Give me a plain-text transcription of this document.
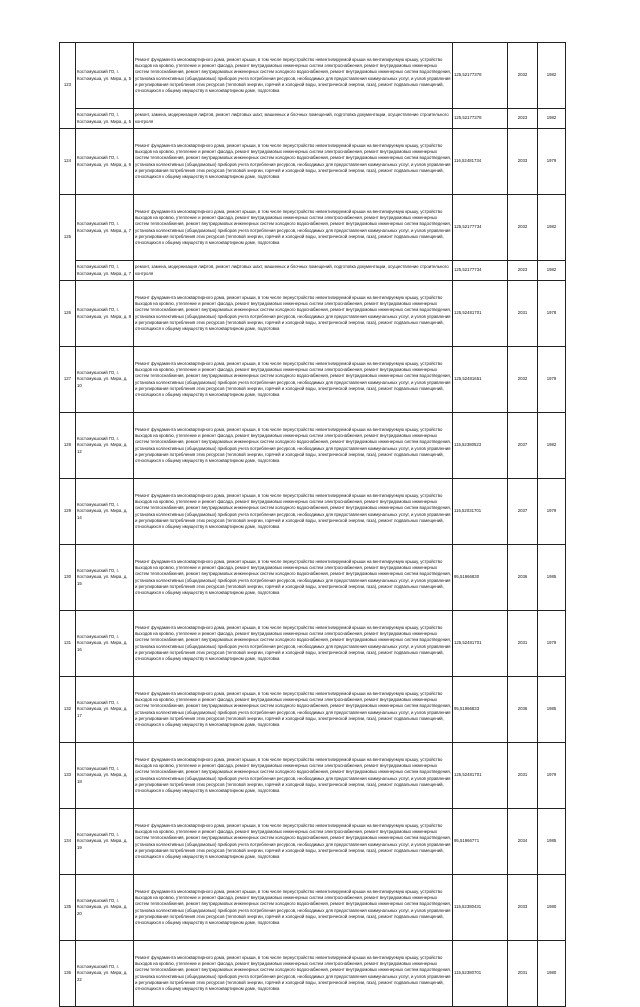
123	Костомукшский ГО, г. Костомукша, ул. Мира, д. 5	Ремонт фундамента многоквартирного дома, ремонт крыши, в том числе переустройство невентилируемой крыши на вентилируемую крышу, устройство выходов на кровлю, утепление и ремонт фасада, ремонт внутридомовых инженерных систем электроснабжения, ремонт внутридомовых инженерных систем теплоснабжения, ремонт внутридомовых инженерных систем холодного водоснабжения, ремонт внутридомовых инженерных систем водоотведения, установка коллективных (общедомовых) приборов учета потребления ресурсов, необходимых для предоставления коммунальных услуг, и узлов управления и регулирования потребления этих ресурсов (тепловой энергии, горячей и холодной воды, электрической энергии, газа), ремонт подвальных помещений, относящихся к общему имуществу в многоквартирном доме, подготовка	125,52177378	2032	1982
	Костомукшский ГО, г. Костомукша, ул. Мира, д. 5	ремонт, замена, модернизация лифтов, ремонт лифтовых шахт, машинных и блочных помещений, подготовка документации, осуществление строительного контроля	125,52177378	2023	1982
124	Костомукшский ГО, г. Костомукша, ул. Мира, д. 6	Ремонт фундамента многоквартирного дома, ремонт крыши, в том числе переустройство невентилируемой крыши на вентилируемую крышу, устройство выходов на кровлю, утепление и ремонт фасада, ремонт внутридомовых инженерных систем электроснабжения, ремонт внутридомовых инженерных систем теплоснабжения, ремонт внутридомовых инженерных систем холодного водоснабжения, ремонт внутридомовых инженерных систем водоотведения, установка коллективных (общедомовых) приборов учета потребления ресурсов, необходимых для предоставления коммунальных услуг, и узлов управления и регулирования потребления этих ресурсов (тепловой энергии, горячей и холодной воды, электрической энергии, газа), ремонт подвальных помещений, относящихся к общему имуществу в многоквартирном доме, подготовка	116,52481734	2033	1979
125	Костомукшский ГО, г. Костомукша, ул. Мира, д. 7	Ремонт фундамента многоквартирного дома, ремонт крыши, в том числе переустройство невентилируемой крыши на вентилируемую крышу, устройство выходов на кровлю, утепление и ремонт фасада, ремонт внутридомовых инженерных систем электроснабжения, ремонт внутридомовых инженерных систем теплоснабжения, ремонт внутридомовых инженерных систем холодного водоснабжения, ремонт внутридомовых инженерных систем водоотведения, установка коллективных (общедомовых) приборов учета потребления ресурсов, необходимых для предоставления коммунальных услуг, и узлов управления и регулирования потребления этих ресурсов (тепловой энергии, горячей и холодной воды, электрической энергии, газа), ремонт подвальных помещений, относящихся к общему имуществу в многоквартирном доме, подготовка	125,52177734	2032	1982
	Костомукшский ГО, г. Костомукша, ул. Мира, д. 7	ремонт, замена, модернизация лифтов, ремонт лифтовых шахт, машинных и блочных помещений, подготовка документации, осуществление строительного контроля	125,52177734	2023	1982
126	Костомукшский ГО, г. Костомукша, ул. Мира, д. 8	Ремонт фундамента многоквартирного дома, ремонт крыши, в том числе переустройство невентилируемой крыши на вентилируемую крышу, устройство выходов на кровлю, утепление и ремонт фасада, ремонт внутридомовых инженерных систем электроснабжения, ремонт внутридомовых инженерных систем теплоснабжения, ремонт внутридомовых инженерных систем холодного водоснабжения, ремонт внутридомовых инженерных систем водоотведения, установка коллективных (общедомовых) приборов учета потребления ресурсов, необходимых для предоставления коммунальных услуг, и узлов управления и регулирования потребления этих ресурсов (тепловой энергии, горячей и холодной воды, электрической энергии, газа), ремонт подвальных помещений, относящихся к общему имуществу в многоквартирном доме, подготовка	125,52481701	2031	1978
127	Костомукшский ГО, г. Костомукша, ул. Мира, д. 10	Ремонт фундамента многоквартирного дома, ремонт крыши, в том числе переустройство невентилируемой крыши на вентилируемую крышу, устройство выходов на кровлю, утепление и ремонт фасада, ремонт внутридомовых инженерных систем электроснабжения, ремонт внутридомовых инженерных систем теплоснабжения, ремонт внутридомовых инженерных систем холодного водоснабжения, ремонт внутридомовых инженерных систем водоотведения, установка коллективных (общедомовых) приборов учета потребления ресурсов, необходимых для предоставления коммунальных услуг, и узлов управления и регулирования потребления этих ресурсов (тепловой энергии, горячей и холодной воды, электрической энергии, газа), ремонт подвальных помещений, относящихся к общему имуществу в многоквартирном доме, подготовка	125,52481651	2032	1979
128	Костомукшский ГО, г. Костомукша, ул. Мира, д. 12	Ремонт фундамента многоквартирного дома, ремонт крыши, в том числе переустройство невентилируемой крыши на вентилируемую крышу, устройство выходов на кровлю, утепление и ремонт фасада, ремонт внутридомовых инженерных систем электроснабжения, ремонт внутридомовых инженерных систем теплоснабжения, ремонт внутридомовых инженерных систем холодного водоснабжения, ремонт внутридомовых инженерных систем водоотведения, установка коллективных (общедомовых) приборов учета потребления ресурсов, необходимых для предоставления коммунальных услуг, и узлов управления и регулирования потребления этих ресурсов (тепловой энергии, горячей и холодной воды, электрической энергии, газа), ремонт подвальных помещений, относящихся к общему имуществу в многоквартирном доме, подготовка	115,52380523	2037	1982
129	Костомукшский ГО, г. Костомукша, ул. Мира, д. 14	Ремонт фундамента многоквартирного дома, ремонт крыши, в том числе переустройство невентилируемой крыши на вентилируемую крышу, устройство выходов на кровлю, утепление и ремонт фасада, ремонт внутридомовых инженерных систем электроснабжения, ремонт внутридомовых инженерных систем теплоснабжения, ремонт внутридомовых инженерных систем холодного водоснабжения, ремонт внутридомовых инженерных систем водоотведения, установка коллективных (общедомовых) приборов учета потребления ресурсов, необходимых для предоставления коммунальных услуг, и узлов управления и регулирования потребления этих ресурсов (тепловой энергии, горячей и холодной воды, электрической энергии, газа), ремонт подвальных помещений, относящихся к общему имуществу в многоквартирном доме, подготовка	115,52031701	2037	1979
130	Костомукшский ГО, г. Костомукша, ул. Мира, д. 15	Ремонт фундамента многоквартирного дома, ремонт крыши, в том числе переустройство невентилируемой крыши на вентилируемую крышу, устройство выходов на кровлю, утепление и ремонт фасада, ремонт внутридомовых инженерных систем электроснабжения, ремонт внутридомовых инженерных систем теплоснабжения, ремонт внутридомовых инженерных систем холодного водоснабжения, ремонт внутридомовых инженерных систем водоотведения, установка коллективных (общедомовых) приборов учета потребления ресурсов, необходимых для предоставления коммунальных услуг, и узлов управления и регулирования потребления этих ресурсов (тепловой энергии, горячей и холодной воды, электрической энергии, газа), ремонт подвальных помещений, относящихся к общему имуществу в многоквартирном доме, подготовка	95,51966830	2036	1985
131	Костомукшский ГО, г. Костомукша, ул. Мира, д. 16	Ремонт фундамента многоквартирного дома, ремонт крыши, в том числе переустройство невентилируемой крыши на вентилируемую крышу, устройство выходов на кровлю, утепление и ремонт фасада, ремонт внутридомовых инженерных систем электроснабжения, ремонт внутридомовых инженерных систем теплоснабжения, ремонт внутридомовых инженерных систем холодного водоснабжения, ремонт внутридомовых инженерных систем водоотведения, установка коллективных (общедомовых) приборов учета потребления ресурсов, необходимых для предоставления коммунальных услуг, и узлов управления и регулирования потребления этих ресурсов (тепловой энергии, горячей и холодной воды, электрической энергии, газа), ремонт подвальных помещений, относящихся к общему имуществу в многоквартирном доме, подготовка	125,52481701	2031	1979
132	Костомукшский ГО, г. Костомукша, ул. Мира, д. 17	Ремонт фундамента многоквартирного дома, ремонт крыши, в том числе переустройство невентилируемой крыши на вентилируемую крышу, устройство выходов на кровлю, утепление и ремонт фасада, ремонт внутридомовых инженерных систем электроснабжения, ремонт внутридомовых инженерных систем теплоснабжения, ремонт внутридомовых инженерных систем холодного водоснабжения, ремонт внутридомовых инженерных систем водоотведения, установка коллективных (общедомовых) приборов учета потребления ресурсов, необходимых для предоставления коммунальных услуг, и узлов управления и регулирования потребления этих ресурсов (тепловой энергии, горячей и холодной воды, электрической энергии, газа), ремонт подвальных помещений, относящихся к общему имуществу в многоквартирном доме, подготовка	95,51966833	2036	1985
133	Костомукшский ГО, г. Костомукша, ул. Мира, д. 18	Ремонт фундамента многоквартирного дома, ремонт крыши, в том числе переустройство невентилируемой крыши на вентилируемую крышу, устройство выходов на кровлю, утепление и ремонт фасада, ремонт внутридомовых инженерных систем электроснабжения, ремонт внутридомовых инженерных систем теплоснабжения, ремонт внутридомовых инженерных систем холодного водоснабжения, ремонт внутридомовых инженерных систем водоотведения, установка коллективных (общедомовых) приборов учета потребления ресурсов, необходимых для предоставления коммунальных услуг, и узлов управления и регулирования потребления этих ресурсов (тепловой энергии, горячей и холодной воды, электрической энергии, газа), ремонт подвальных помещений, относящихся к общему имуществу в многоквартирном доме, подготовка	125,52481701	2031	1979
134	Костомукшский ГО, г. Костомукша, ул. Мира, д. 19	Ремонт фундамента многоквартирного дома, ремонт крыши, в том числе переустройство невентилируемой крыши на вентилируемую крышу, устройство выходов на кровлю, утепление и ремонт фасада, ремонт внутридомовых инженерных систем электроснабжения, ремонт внутридомовых инженерных систем теплоснабжения, ремонт внутридомовых инженерных систем холодного водоснабжения, ремонт внутридомовых инженерных систем водоотведения, установка коллективных (общедомовых) приборов учета потребления ресурсов, необходимых для предоставления коммунальных услуг, и узлов управления и регулирования потребления этих ресурсов (тепловой энергии, горячей и холодной воды, электрической энергии, газа), ремонт подвальных помещений, относящихся к общему имуществу в многоквартирном доме, подготовка	95,51966771	2034	1985
135	Костомукшский ГО, г. Костомукша, ул. Мира, д. 20	Ремонт фундамента многоквартирного дома, ремонт крыши, в том числе переустройство невентилируемой крыши на вентилируемую крышу, устройство выходов на кровлю, утепление и ремонт фасада, ремонт внутридомовых инженерных систем электроснабжения, ремонт внутридомовых инженерных систем теплоснабжения, ремонт внутридомовых инженерных систем холодного водоснабжения, ремонт внутридомовых инженерных систем водоотведения, установка коллективных (общедомовых) приборов учета потребления ресурсов, необходимых для предоставления коммунальных услуг, и узлов управления и регулирования потребления этих ресурсов (тепловой энергии, горячей и холодной воды, электрической энергии, газа), ремонт подвальных помещений, относящихся к общему имуществу в многоквартирном доме, подготовка	115,52380431	2033	1980
136	Костомукшский ГО, г. Костомукша, ул. Мира, д. 22	Ремонт фундамента многоквартирного дома, ремонт крыши, в том числе переустройство невентилируемой крыши на вентилируемую крышу, устройство выходов на кровлю, утепление и ремонт фасада, ремонт внутридомовых инженерных систем электроснабжения, ремонт внутридомовых инженерных систем теплоснабжения, ремонт внутридомовых инженерных систем холодного водоснабжения, ремонт внутридомовых инженерных систем водоотведения, установка коллективных (общедомовых) приборов учета потребления ресурсов, необходимых для предоставления коммунальных услуг, и узлов управления и регулирования потребления этих ресурсов (тепловой энергии, горячей и холодной воды, электрической энергии, газа), ремонт подвальных помещений, относящихся к общему имуществу в многоквартирном доме, подготовка	115,52380701	2031	1980
